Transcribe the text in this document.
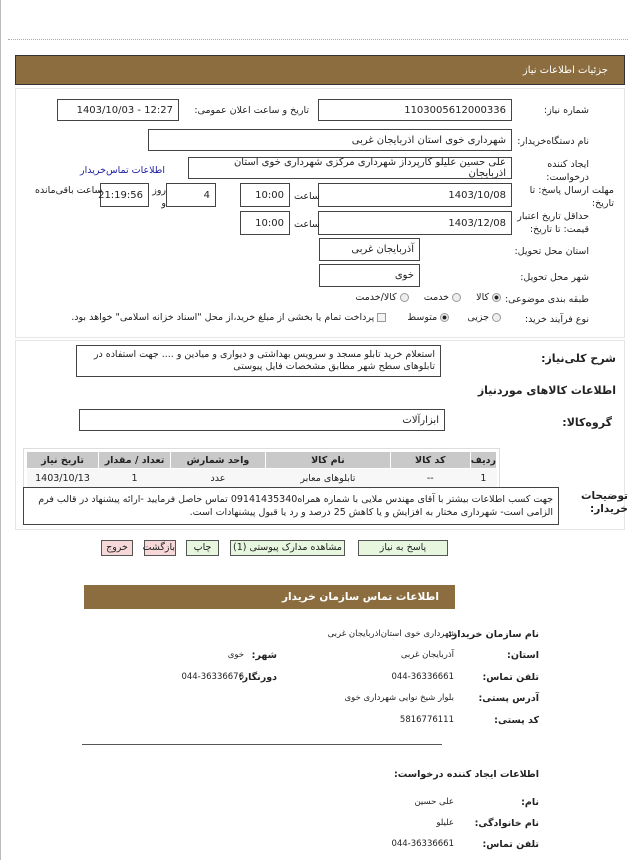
جزئیات اطلاعات نیاز
شماره نیاز:
1103005612000336
تاریخ و ساعت اعلان عمومی:
1403/10/03 - 12:27
نام دستگاه‌خریدار:
شهرداری خوی استان اذربایجان غربی
ایجاد کننده درخواست:
علی حسین علیلو کارپرداز شهرداری مرکزی شهرداری خوی استان اذربایجان
اطلاعات تماس‌خریدار
مهلت ارسال پاسخ: تا تاریخ:
1403/10/08
ساعت
10:00
4
روز و
21:19:56
ساعت باقی‌مانده
حداقل تاریخ اعتبار قیمت: تا تاریخ:
1403/12/08
ساعت
10:00
استان محل تحویل:
آذربایجان غربی
شهر محل تحویل:
خوی
طبقه بندی موضوعی:
کالا    خدمت    کالا/خدمت
نوع فرآیند خرید:
جزیی     متوسط      پرداخت تمام یا بخشی از مبلغ خرید،از محل "اسناد خزانه اسلامی" خواهد بود.
شرح کلی‌نیاز:
استعلام خرید تابلو مسجد و سرویس بهداشتی و دیواری و میادین و .... جهت استفاده در تابلوهای سطح شهر مطابق مشخصات فایل پیوستی
اطلاعات کالاهای موردنیاز
گروه‌کالا:
ابزارآلات
ردیف	کد کالا	نام کالا	واحد شمارش	تعداد / مقدار	تاریخ نیاز
1	--	تابلوهای معابر	عدد	1	1403/10/13
توضیحات خریدار:
جهت کسب اطلاعات بیشتر با آقای مهندس ملایی با شماره همراه09141435340 تماس حاصل فرمایید -ارائه پیشنهاد در قالب فرم الزامی است- شهرداری مختار به افزایش و یا کاهش 25 درصد و رد یا قبول پیشنهادات است.
پاسخ به نیاز
مشاهده مدارک پیوستی (1)
چاپ
بازگشت
خروج
اطلاعات تماس سازمان خریدار
نام سازمان خریدار:
شهرداری خوی استان‌اذربایجان غربی
استان:
آذربایجان غربی
شهر:
خوی
تلفن تماس:
044-36336661
دورنگار:
044-36336676
آدرس پستی:
بلوار شیخ نوایی شهرداری خوی
کد پستی:
5816776111
اطلاعات ایجاد کننده درخواست:
نام:
علی حسین
نام خانوادگی:
علیلو
تلفن تماس:
044-36336661
